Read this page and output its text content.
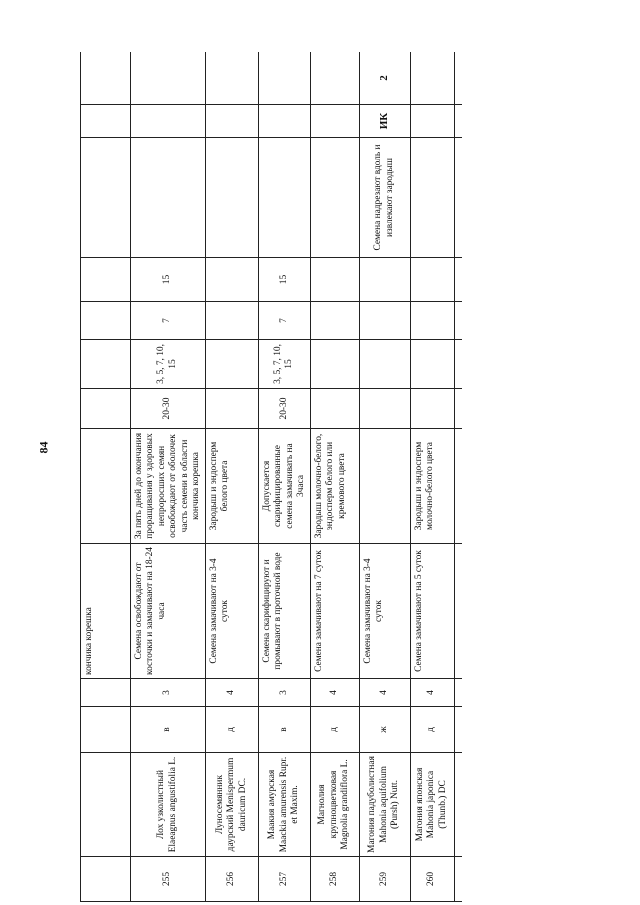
84
				кончика корешка								
255	Лох узколистный Elaeagnus angustifolia L.	в	3	Семена освобождают от косточки и замачивают на 18-24 часа	За пять дней до окончания проращивания у здоровых непроросших семян освобождают от оболочек часть семени в области кончика корешка	20-30	3, 5, 7, 10, 15	7	15			
256	Луносемянник даурский Menispermum dauricum DC.	д	4	Семена замачивают на 3-4 суток	Зародыш и эндосперм белого цвета							
257	Маакия амурская Maackia amurensis Rupr. et Maxim.	в	3	Семена скарифицируют и промывают в проточной воде	Допускается скарифицированные семена замачивать на 3часа	20-30	3, 5, 7, 10, 15	7	15			
258	Магнолия крупноцветковая Magnolia grandiflora L.	д	4	Семена замачивают на 7 суток	Зародыш молочно-белого, эндосперм белого или кремового цвета							
259	Магония падуболистная Mahonia aquifolium (Pursh) Nutt.	ж	4	Семена замачивают на 3-4 суток						Семена надрезают вдоль и извлекают зародыш	ИК	2
260	Магония японская Mahonia japonica (Thunb.) DC	д	4	Семена замачивают на 5 суток	Зародыш и эндосперм молочно-белого цвета							
